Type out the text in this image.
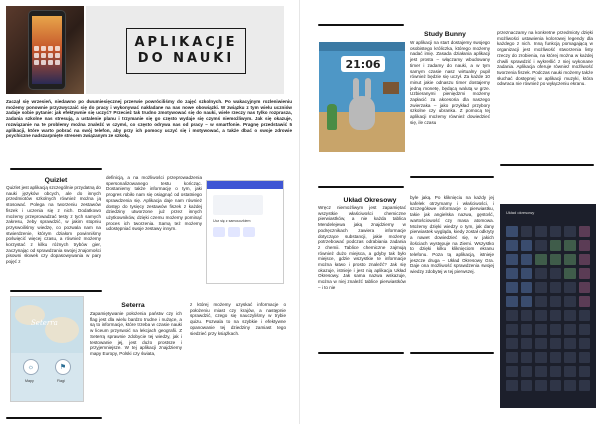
APLIKACJE
DO NAUKI
Zaczął się wrzesień, niedawno po dwumiesięcznej przerwie powróciliśmy do zajęć szkolnych. Po wakacyjnym rozleniwieniu możemy ponownie przyzwyczaić się do pracy i wykonywać nakładane na nas nowe obowiązki. W związku z tym wielu uczniów zadaje sobie pytanie: jak efektywnie się uczyć? Przecież tak trudno zmotywować się do nauki, wiele rzeczy nas tylko rozprasza, zadania szkolne nas stresują, a ustalenie planu i trzymanie się go często wydaje się czymś niemożliwym. Jak się okazuje, rozwiązanie na te problemy można znaleźć w czymś, co często odrywa nas od pracy – w smartfonie. Pragnę przedstawić 5 aplikacji, które warto pobrać na swój telefon, aby przy ich pomocy uczyć się i motywować, a także dbać o swoje zdrowie psychiczne nadszarpnięte stresem związanym ze szkołą.
Quizlet
Quizlet jest aplikacją szczególnie przydatną do nauki języków obcych, ale do innych przedmiotów szkolnych również można ją stosować. Polega na tworzeniu zestawów fiszek i uczenia się z nich. Dodatkowo możemy przeprowadzać testy z tych samych zakresu, żeby sprawdzić, w jakim stopniu przyswoiliśmy wiedzę, co pozwala nam na stwierdzenie, którym działom powinniśmy poświęcić więcej czasu, a również możemy korzystać z kilku różnych trybów gier, zaczynając od sprawdzania swojej znajomości pisowni słowek czy dopasowywania w pary pojęć z
definicją, a na możliwości przeprowadzenia spersonalizowanego testu kończąc. Dostaniemy także informację o tym, jaki progres robiło nam się osiągnąć od ostatniego sprawdzenia się. Aplikacja daje nam również dostęp do tysięcy zestawów fiszek z każdej dziedziny utworzone już przez innych użytkowników, dzięki czemu możemy pominąć proces ich tworzenia. Samą też możemy udostępniać swoje zestawy innym.
Ucz się z samouczkiem
Seterra
☼	⚑
Mapy	Flagi
Seterra
Zapamiętywanie położenia państw czy ich flag jest dla wielu bardzo trudne i nużące, a są to informacje, które trzeba w czasie nauki w liceum przyswoić na lekcjach geografii. Z Seterrą sprawnie zdobycie tej wiedzy, jak i testowanie jej, jest dużo prostsze i przyjemniejsze. W tej aplikacji znajdziemy mapy Europy, Polski czy świata,
z której możemy uzyskać informacje o położeniu miast czy krajów, a następnie sprawdzić, czego się nauczyliśmy w trybie quizu. Pozwala to na szybkie i efektywne opanowanie tej dziedziny zamiast tego siedzieć przy książkach.
21:06
Study Bunny
W aplikacji na start dostajemy swojego osobistego króliczka, którego możemy nadać imię. Zasada działania aplikacji jest prosta – włączamy wbudowany timer i zadamy do nauki, a w tym samym czasie nasz wirtualny pupil również będzie się uczył. Za każde 10 minut jakie odnaszu timer dostajemy jedną monetę, będącą walutą w grze. Uzbieranymi pieniędzmi możemy zapłacić za akcesoria dla naszego zwierzaka – jako przykład przybory szkolne czy ubranka. Z pomocą tej aplikacji możemy również dowiedzieć się, ile czasu
przeznaczamy na konkretne przedmioty dzięki możliwości ustawienia kolorowej legendy dla każdego z nich. Inną funkcją pomagającą w organizacji jest możliwość stworzenia listy rzeczy do zrobienia, na której można w każdej chwili sprawdzić i wykreślić z niej wykonane zadania. Aplikacja oferuje również możliwość tworzenia fiszek. Podczas nauki możemy także słuchać dostępnej w aplikacji muzyki, która odwraca nie również po wyłączeniu ekranu.
Układ Okresowy
Wręcz niemożliwym jest zapamiętać wszystkie właściwości chemiczne pierwiastków, a nie każda tablica Mendelejewa jaką znajdziemy w podręcznikach zawiera informacje dotyczące substancji, jakie możemy potrzebować podczas odrabiania zadania z chemii. Tablice chemiczne zajmują również dużo miejsca, a gdyby tak było miejsce, gdzie wszystkie te informacje można łatwo i prosto znaleźć? Jak się okazuje, istnieje i jest nią aplikacja Układ Okresowy. Jak sama nazwa wskazuje, można w niej znaleźć tablice pierwiastków – i to nie
byle jaką. Po kliknięciu na każdy jej kafelek otrzymamy i właściwości, i szczegółowe informacje o pierwiastku, takie jak angielska nazwa, gęstość, wartościowość czy masa atomowa. Możemy dzięki wiedzy o tym, jak dany pierwiastek wygląda, kiedy został odkryty a nawet dowiedzieć się, w jakich ilościach występuje na Ziemi. Wszystko to dzięki kilku kliknięciom ekranu telefonu. Poza tą aplikacją, istnieje jeszcze druga – Układ Okresowy Gra. Daje ona możliwość sprawdzenia swojej wiedzy zdobytej w tej pierwszej.
Układ okresowy
